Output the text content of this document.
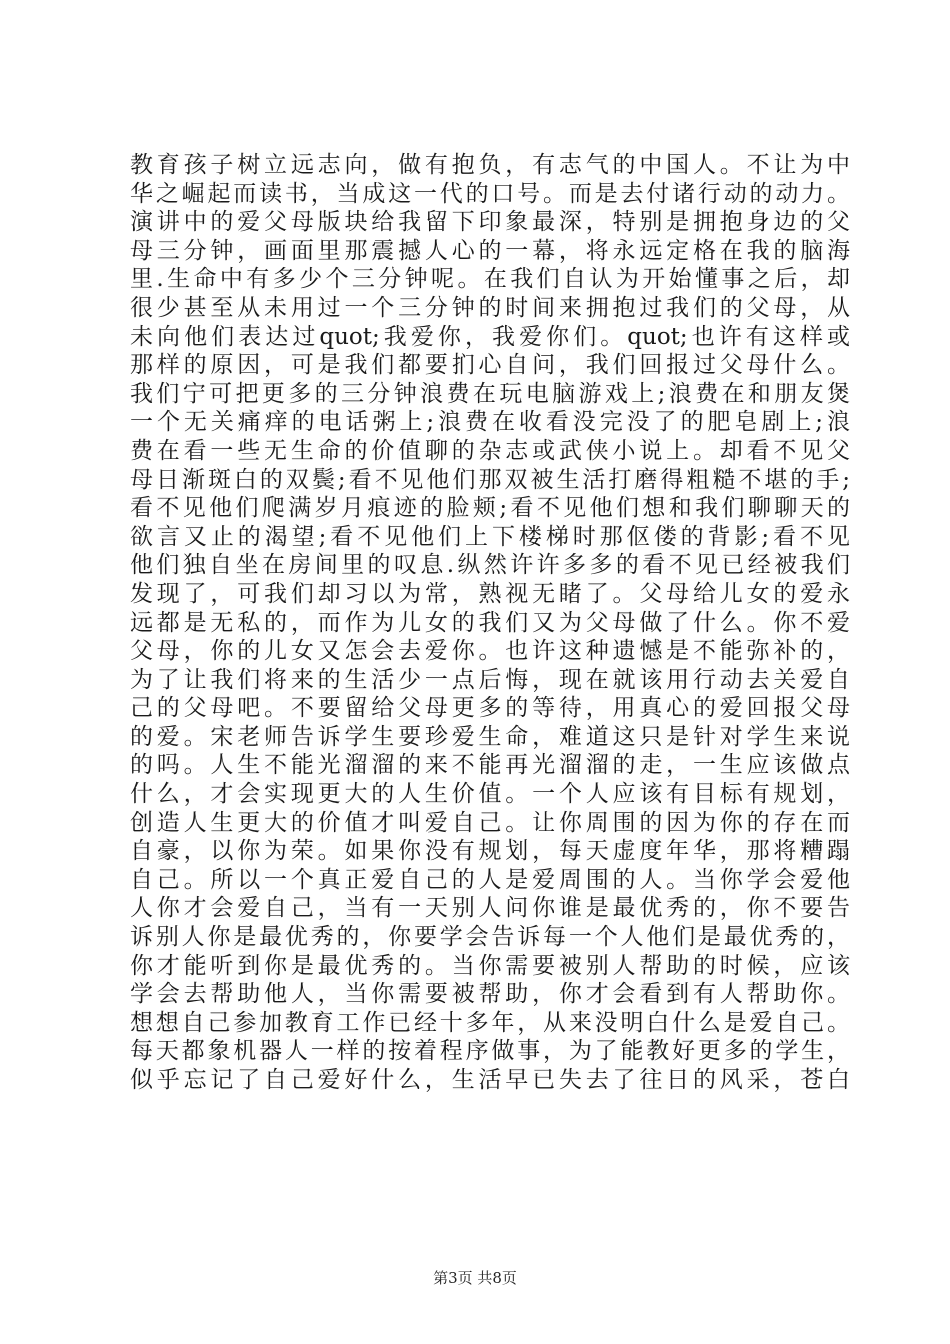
教育孩子树立远志向，做有抱负，有志气的中国人。不让为中
华之崛起而读书，当成这一代的口号。而是去付诸行动的动力。
演讲中的爱父母版块给我留下印象最深，特别是拥抱身边的父
母三分钟，画面里那震撼人心的一幕，将永远定格在我的脑海
里.生命中有多少个三分钟呢。在我们自认为开始懂事之后，却
很少甚至从未用过一个三分钟的时间来拥抱过我们的父母，从
未向他们表达过quot;我爱你，我爱你们。quot;也许有这样或
那样的原因，可是我们都要扪心自问，我们回报过父母什么。
我们宁可把更多的三分钟浪费在玩电脑游戏上;浪费在和朋友煲
一个无关痛痒的电话粥上;浪费在收看没完没了的肥皂剧上;浪
费在看一些无生命的价值聊的杂志或武侠小说上。却看不见父
母日渐斑白的双鬓;看不见他们那双被生活打磨得粗糙不堪的手;
看不见他们爬满岁月痕迹的脸颊;看不见他们想和我们聊聊天的
欲言又止的渴望;看不见他们上下楼梯时那伛偻的背影;看不见
他们独自坐在房间里的叹息.纵然许许多多的看不见已经被我们
发现了，可我们却习以为常，熟视无睹了。父母给儿女的爱永
远都是无私的，而作为儿女的我们又为父母做了什么。你不爱
父母，你的儿女又怎会去爱你。也许这种遗憾是不能弥补的，
为了让我们将来的生活少一点后悔，现在就该用行动去关爱自
己的父母吧。不要留给父母更多的等待，用真心的爱回报父母
的爱。宋老师告诉学生要珍爱生命，难道这只是针对学生来说
的吗。人生不能光溜溜的来不能再光溜溜的走，一生应该做点
什么，才会实现更大的人生价值。一个人应该有目标有规划，
创造人生更大的价值才叫爱自己。让你周围的因为你的存在而
自豪，以你为荣。如果你没有规划，每天虚度年华，那将糟蹋
自己。所以一个真正爱自己的人是爱周围的人。当你学会爱他
人你才会爱自己，当有一天别人问你谁是最优秀的，你不要告
诉别人你是最优秀的，你要学会告诉每一个人他们是最优秀的，
你才能听到你是最优秀的。当你需要被别人帮助的时候，应该
学会去帮助他人，当你需要被帮助，你才会看到有人帮助你。
想想自己参加教育工作已经十多年，从来没明白什么是爱自己。
每天都象机器人一样的按着程序做事，为了能教好更多的学生，
似乎忘记了自己爱好什么，生活早已失去了往日的风采，苍白
第3页 共8页
